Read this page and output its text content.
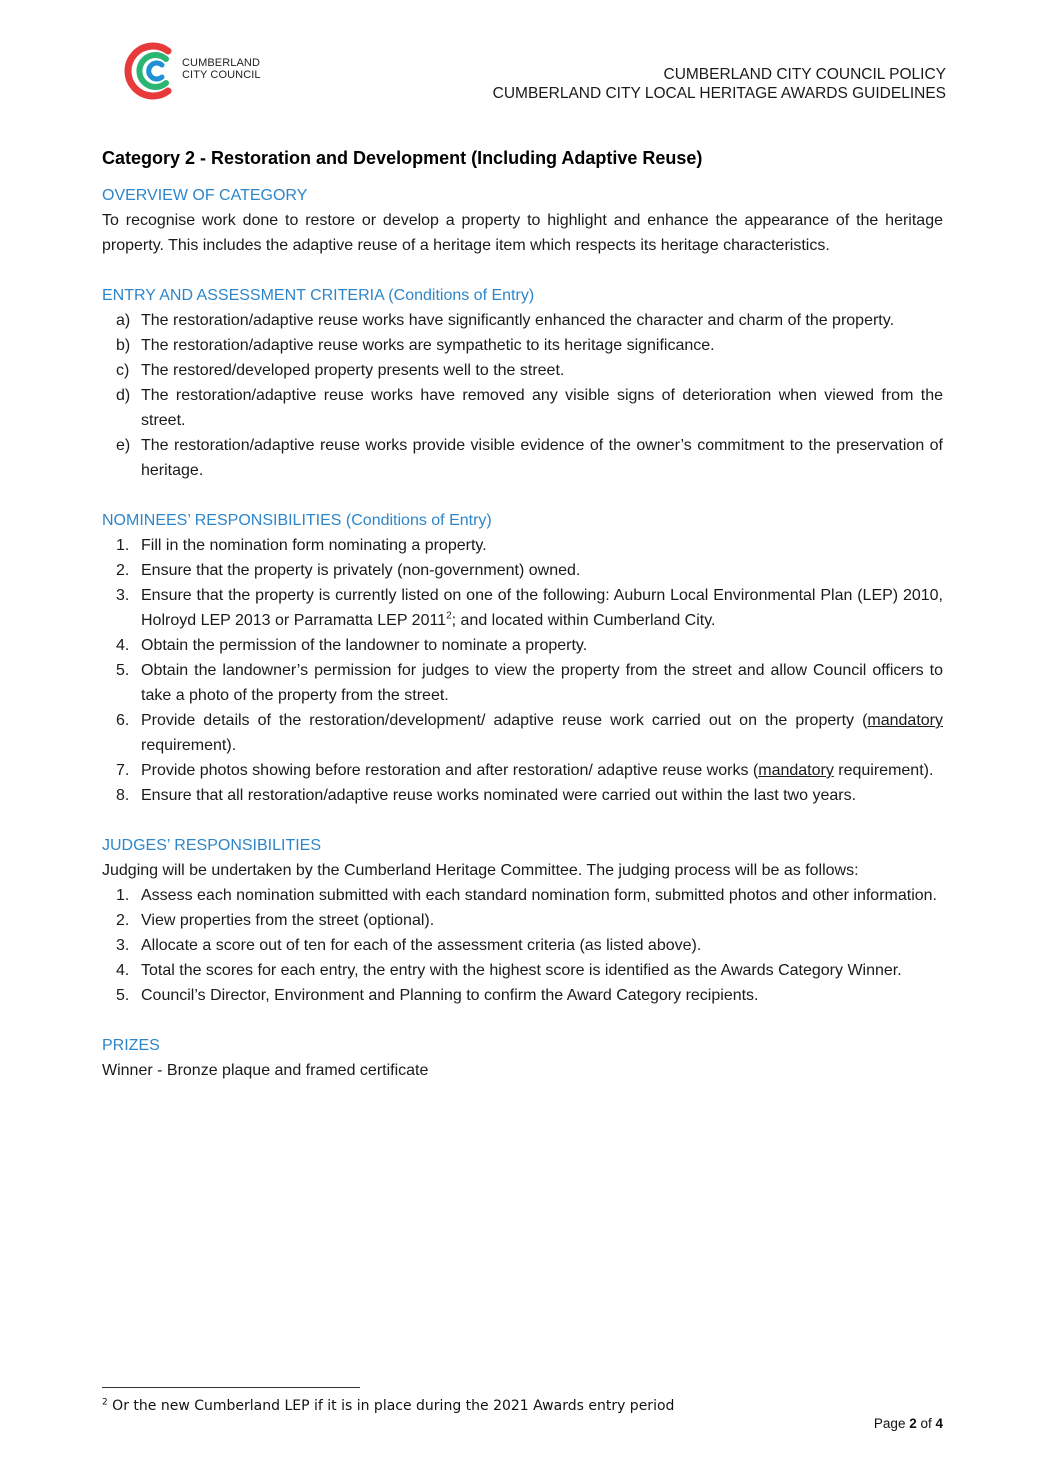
CUMBERLAND
CITY COUNCIL	CUMBERLAND CITY COUNCIL POLICY
CUMBERLAND CITY LOCAL HERITAGE AWARDS GUIDELINES
Category 2 - Restoration and Development (Including Adaptive Reuse)

OVERVIEW OF CATEGORY

To recognise work done to restore or develop a property to highlight and enhance the appearance of the heritage property. This includes the adaptive reuse of a heritage item which respects its heritage characteristics.

ENTRY AND ASSESSMENT CRITERIA (Conditions of Entry)

a) The restoration/adaptive reuse works have significantly enhanced the character and charm of the property.
b) The restoration/adaptive reuse works are sympathetic to its heritage significance.
c) The restored/developed property presents well to the street.
d) The restoration/adaptive reuse works have removed any visible signs of deterioration when viewed from the street.
e) The restoration/adaptive reuse works provide visible evidence of the owner’s commitment to the preservation of heritage.

NOMINEES’ RESPONSIBILITIES (Conditions of Entry)

1. Fill in the nomination form nominating a property.
2. Ensure that the property is privately (non-government) owned.
3. Ensure that the property is currently listed on one of the following: Auburn Local Environmental Plan (LEP) 2010, Holroyd LEP 2013 or Parramatta LEP 2011$^2$; and located within Cumberland City.
4. Obtain the permission of the landowner to nominate a property.
5. Obtain the landowner’s permission for judges to view the property from the street and allow Council officers to take a photo of the property from the street.
6. Provide details of the restoration/development/ adaptive reuse work carried out on the property (mandatory requirement).
7. Provide photos showing before restoration and after restoration/ adaptive reuse works (mandatory requirement).
8. Ensure that all restoration/adaptive reuse works nominated were carried out within the last two years.

JUDGES’ RESPONSIBILITIES

Judging will be undertaken by the Cumberland Heritage Committee. The judging process will be as follows:

1. Assess each nomination submitted with each standard nomination form, submitted photos and other information.
2. View properties from the street (optional).
3. Allocate a score out of ten for each of the assessment criteria (as listed above).
4. Total the scores for each entry, the entry with the highest score is identified as the Awards Category Winner.
5. Council’s Director, Environment and Planning to confirm the Award Category recipients.

PRIZES

Winner - Bronze plaque and framed certificate

$^2$ Or the new Cumberland LEP if it is in place during the 2021 Awards entry period
Page 2 of 4
